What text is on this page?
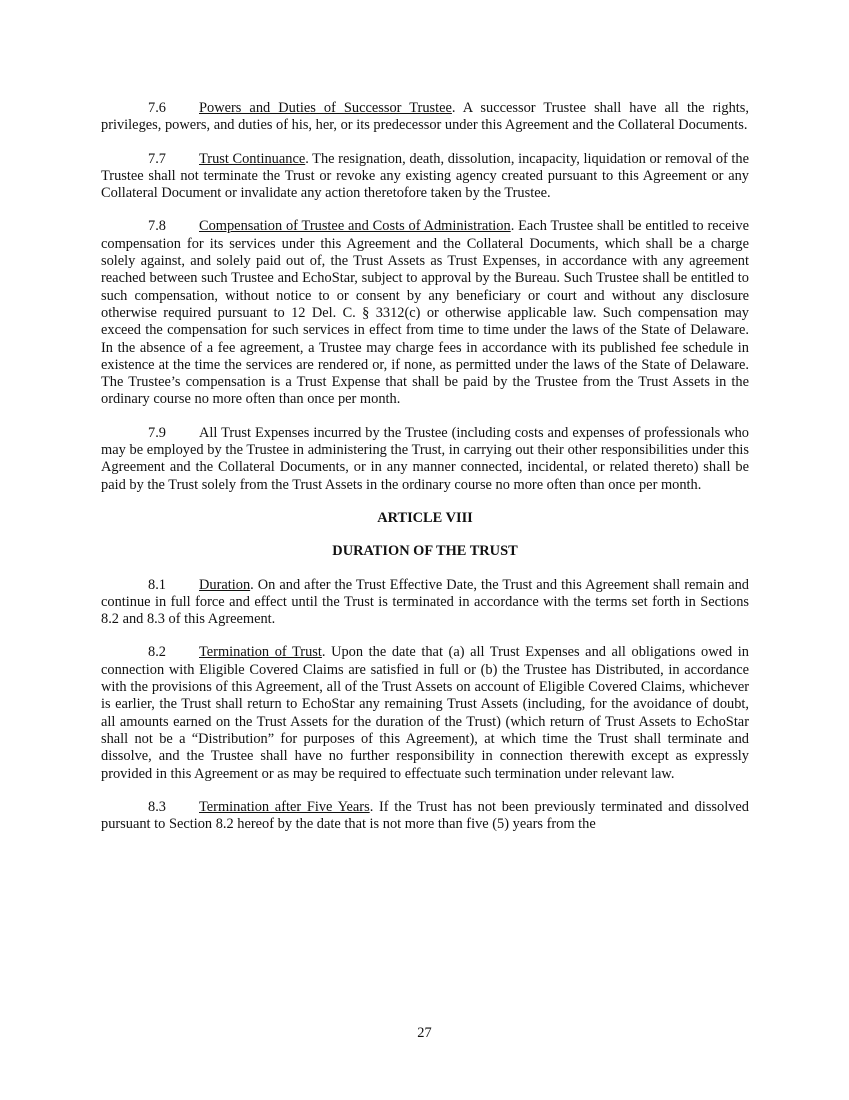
7.6 Powers and Duties of Successor Trustee. A successor Trustee shall have all the rights, privileges, powers, and duties of his, her, or its predecessor under this Agreement and the Collateral Documents.

7.7 Trust Continuance. The resignation, death, dissolution, incapacity, liquidation or removal of the Trustee shall not terminate the Trust or revoke any existing agency created pursuant to this Agreement or any Collateral Document or invalidate any action theretofore taken by the Trustee.

7.8 Compensation of Trustee and Costs of Administration. Each Trustee shall be entitled to receive compensation for its services under this Agreement and the Collateral Documents, which shall be a charge solely against, and solely paid out of, the Trust Assets as Trust Expenses, in accordance with any agreement reached between such Trustee and EchoStar, subject to approval by the Bureau. Such Trustee shall be entitled to such compensation, without notice to or consent by any beneficiary or court and without any disclosure otherwise required pursuant to 12 Del. C. § 3312(c) or otherwise applicable law. Such compensation may exceed the compensation for such services in effect from time to time under the laws of the State of Delaware. In the absence of a fee agreement, a Trustee may charge fees in accordance with its published fee schedule in existence at the time the services are rendered or, if none, as permitted under the laws of the State of Delaware. The Trustee’s compensation is a Trust Expense that shall be paid by the Trustee from the Trust Assets in the ordinary course no more often than once per month.

7.9 All Trust Expenses incurred by the Trustee (including costs and expenses of professionals who may be employed by the Trustee in administering the Trust, in carrying out their other responsibilities under this Agreement and the Collateral Documents, or in any manner connected, incidental, or related thereto) shall be paid by the Trust solely from the Trust Assets in the ordinary course no more often than once per month.

ARTICLE VIII

DURATION OF THE TRUST

8.1 Duration. On and after the Trust Effective Date, the Trust and this Agreement shall remain and continue in full force and effect until the Trust is terminated in accordance with the terms set forth in Sections 8.2 and 8.3 of this Agreement.

8.2 Termination of Trust. Upon the date that (a) all Trust Expenses and all obligations owed in connection with Eligible Covered Claims are satisfied in full or (b) the Trustee has Distributed, in accordance with the provisions of this Agreement, all of the Trust Assets on account of Eligible Covered Claims, whichever is earlier, the Trust shall return to EchoStar any remaining Trust Assets (including, for the avoidance of doubt, all amounts earned on the Trust Assets for the duration of the Trust) (which return of Trust Assets to EchoStar shall not be a “Distribution” for purposes of this Agreement), at which time the Trust shall terminate and dissolve, and the Trustee shall have no further responsibility in connection therewith except as expressly provided in this Agreement or as may be required to effectuate such termination under relevant law.

8.3 Termination after Five Years. If the Trust has not been previously terminated and dissolved pursuant to Section 8.2 hereof by the date that is not more than five (5) years from the

27
